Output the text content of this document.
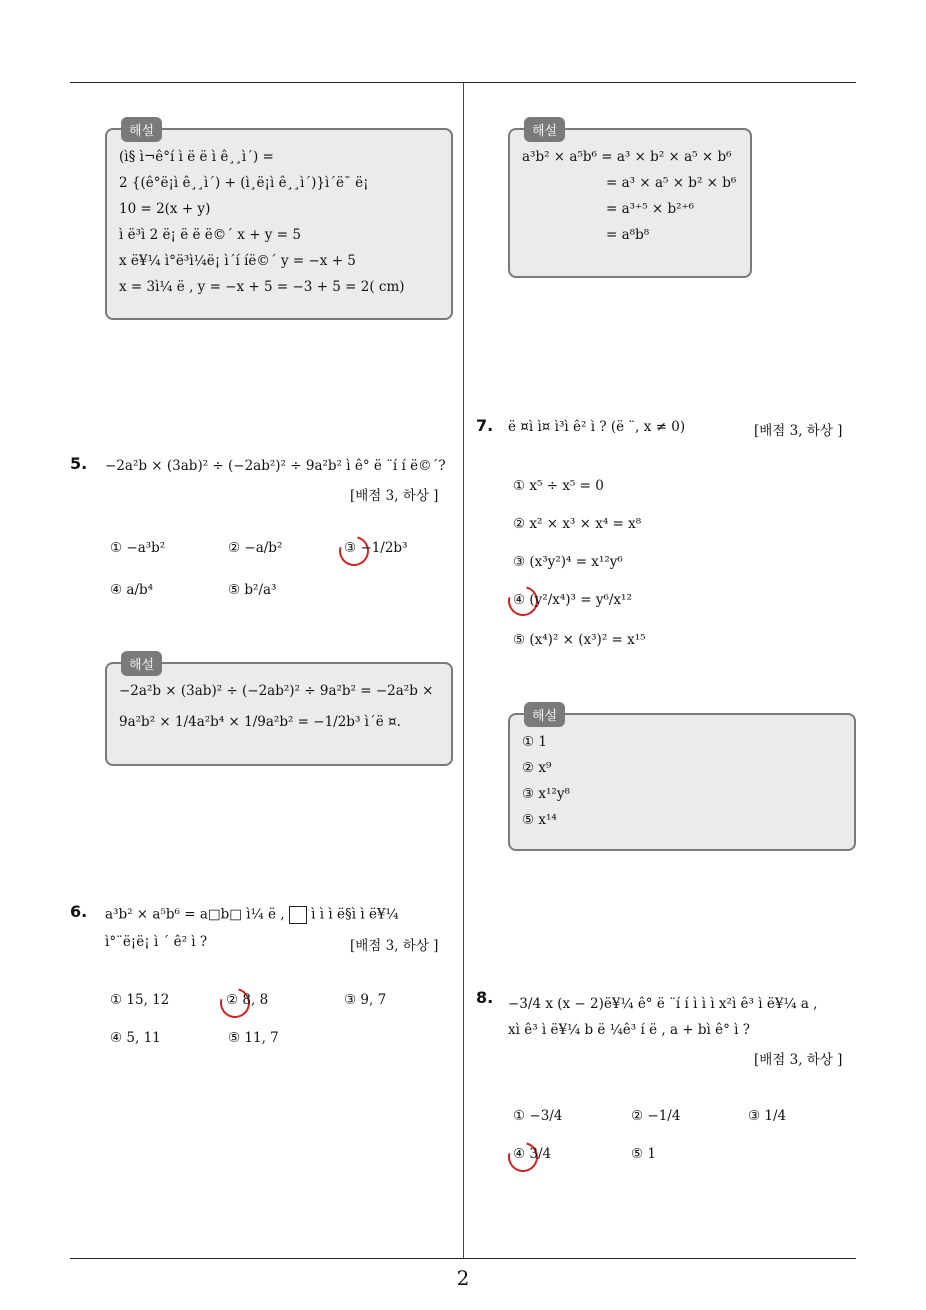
2
해설
(ì§ ì¬ê°í ì ë ë ì ê¸¸ì´) =
2 {(ê°ë¡ì ê¸¸ì´) + (ì¸ë¡ì ê¸¸ì´)}ì´ë¯ ë¡
10 = 2(x + y)
ì ë³ì 2 ë¡ ë ë ë©´ x + y = 5
x ë¥¼ ì°ë³ì¼ë¡ ì´í íë©´ y = −x + 5
x = 3ì¼ ë , y = −x + 5 = −3 + 5 = 2( cm)
해설
a³b² × a⁵b⁶ = a³ × b² × a⁵ × b⁶
= a³ × a⁵ × b² × b⁶
= a³⁺⁵ × b²⁺⁶
= a⁸b⁸
5. −2a²b × (3ab)² ÷ (−2ab²)² ÷ 9a²b² ì ê° ë ¨í í ë©´?
[배점 3, 하상 ]
① −a³b²	② −a/b²	③ −1/2b³
④ a/b⁴	⑤ b²/a³
해설
−2a²b × (3ab)² ÷ (−2ab²)² ÷ 9a²b² = −2a²b ×
9a²b² × 1/4a²b⁴ × 1/9a²b² = −1/2b³ ì´ë ¤.
6. a³b² × a⁵b⁶ = a□b□ ì¼ ë , ì ì ì ë§ì ì ë¥¼
ì°¨ë¡ë¡ ì ´ ê² ì ?	[배점 3, 하상 ]
① 15, 12	② 8, 8	③ 9, 7
④ 5, 11	⑤ 11, 7
7. ë ¤ì ì¤ ì³ì ê² ì ? (ë ¨, x ≠ 0)	[배점 3, 하상 ]
① x⁵ ÷ x⁵ = 0
② x² × x³ × x⁴ = x⁸
③ (x³y²)⁴ = x¹²y⁶
④ (y²/x⁴)³ = y⁶/x¹²
⑤ (x⁴)² × (x³)² = x¹⁵
해설
① 1
② x⁹
③ x¹²y⁸
⑤ x¹⁴
8. −3/4 x (x − 2)ë¥¼ ê° ë ¨í í ì ì ì x²ì ê³ ì ë¥¼ a ,
xì ê³ ì ë¥¼ b ë ¼ê³ í ë , a + bì ê° ì ?
[배점 3, 하상 ]
① −3/4	② −1/4	③ 1/4
④ 3/4	⑤ 1
